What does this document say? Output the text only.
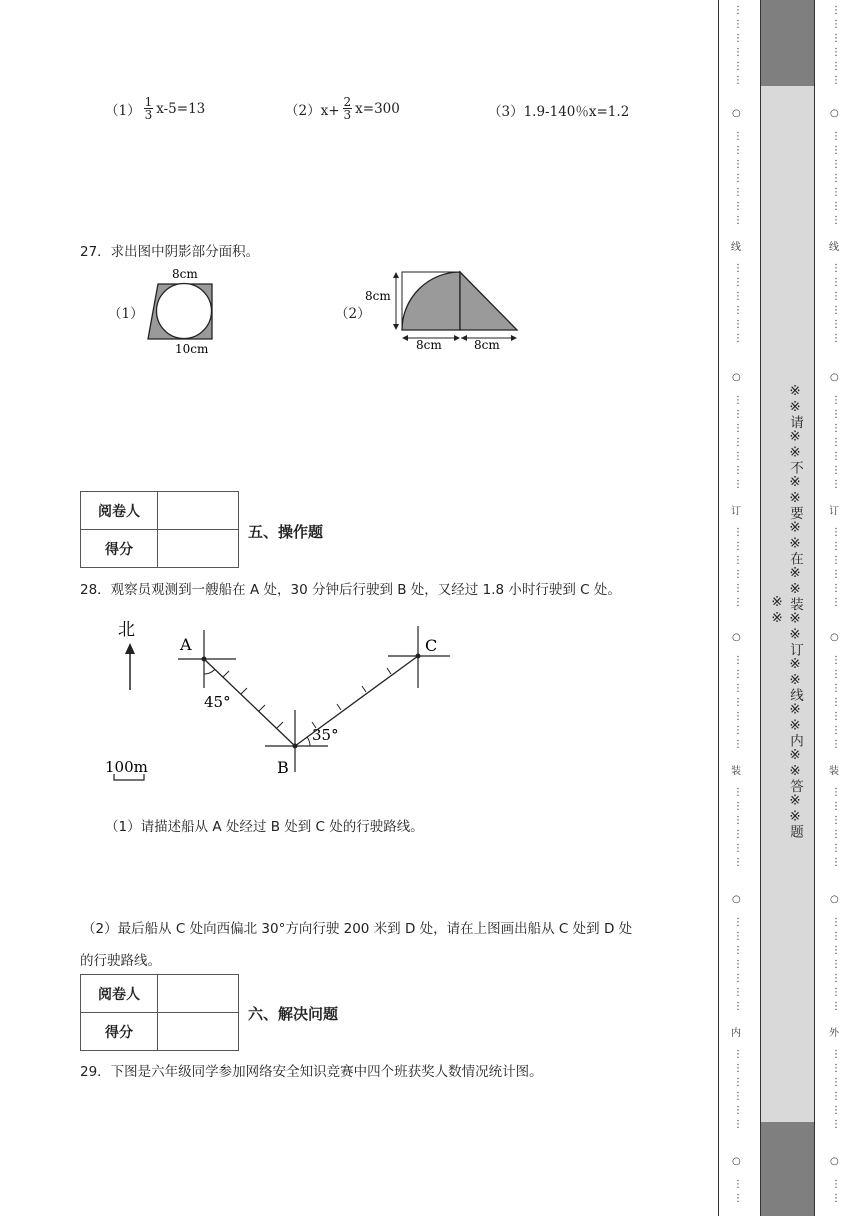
$(1) \frac{1}{3} x-5=13$	$(2)x+ \frac{2}{3} x=300$	（3）1.9-140％x=1.2
27．求出图中阴影部分面积。
（1）
8cm
10cm
（2）
8cm
8cm	8cm
阅卷人	
得分	
五、操作题
28．观察员观测到一艘船在 A 处，30 分钟后行驶到 B 处，又经过 1.8 小时行驶到 C 处。
北
A
45°
B
35°
C
100m
（1）请描述船从 A 处经过 B 处到 C 处的行驶路线。
（2）最后船从 C 处向西偏北 30°方向行驶 200 米到 D 处，请在上图画出船从 C 处到 D 处
的行驶路线。
阅卷人	
得分	
六、解决问题
29．下图是六年级同学参加网络安全知识竞赛中四个班获奖人数情况统计图。
※※请※※不※※要※※在※※装※※订※※线※※内※※答※※题※※
⋮
⋮
⋮
⋮
⋮
⋮
○
⋮
⋮
⋮
⋮
⋮
⋮
⋮
线
⋮
⋮
⋮
⋮
⋮
⋮
○
⋮
⋮
⋮
⋮
⋮
⋮
⋮
订
⋮
⋮
⋮
⋮
⋮
⋮
○
⋮
⋮
⋮
⋮
⋮
⋮
⋮
装
⋮
⋮
⋮
⋮
⋮
⋮
○
⋮
⋮
⋮
⋮
⋮
⋮
⋮
内
⋮
⋮
⋮
⋮
⋮
⋮
○
⋮
⋮
⋮
⋮
⋮
⋮
⋮
⋮
○
⋮
⋮
⋮
⋮
⋮
⋮
⋮
线
⋮
⋮
⋮
⋮
⋮
⋮
○
⋮
⋮
⋮
⋮
⋮
⋮
⋮
订
⋮
⋮
⋮
⋮
⋮
⋮
○
⋮
⋮
⋮
⋮
⋮
⋮
⋮
装
⋮
⋮
⋮
⋮
⋮
⋮
○
⋮
⋮
⋮
⋮
⋮
⋮
⋮
外
⋮
⋮
⋮
⋮
⋮
⋮
○
⋮
⋮
